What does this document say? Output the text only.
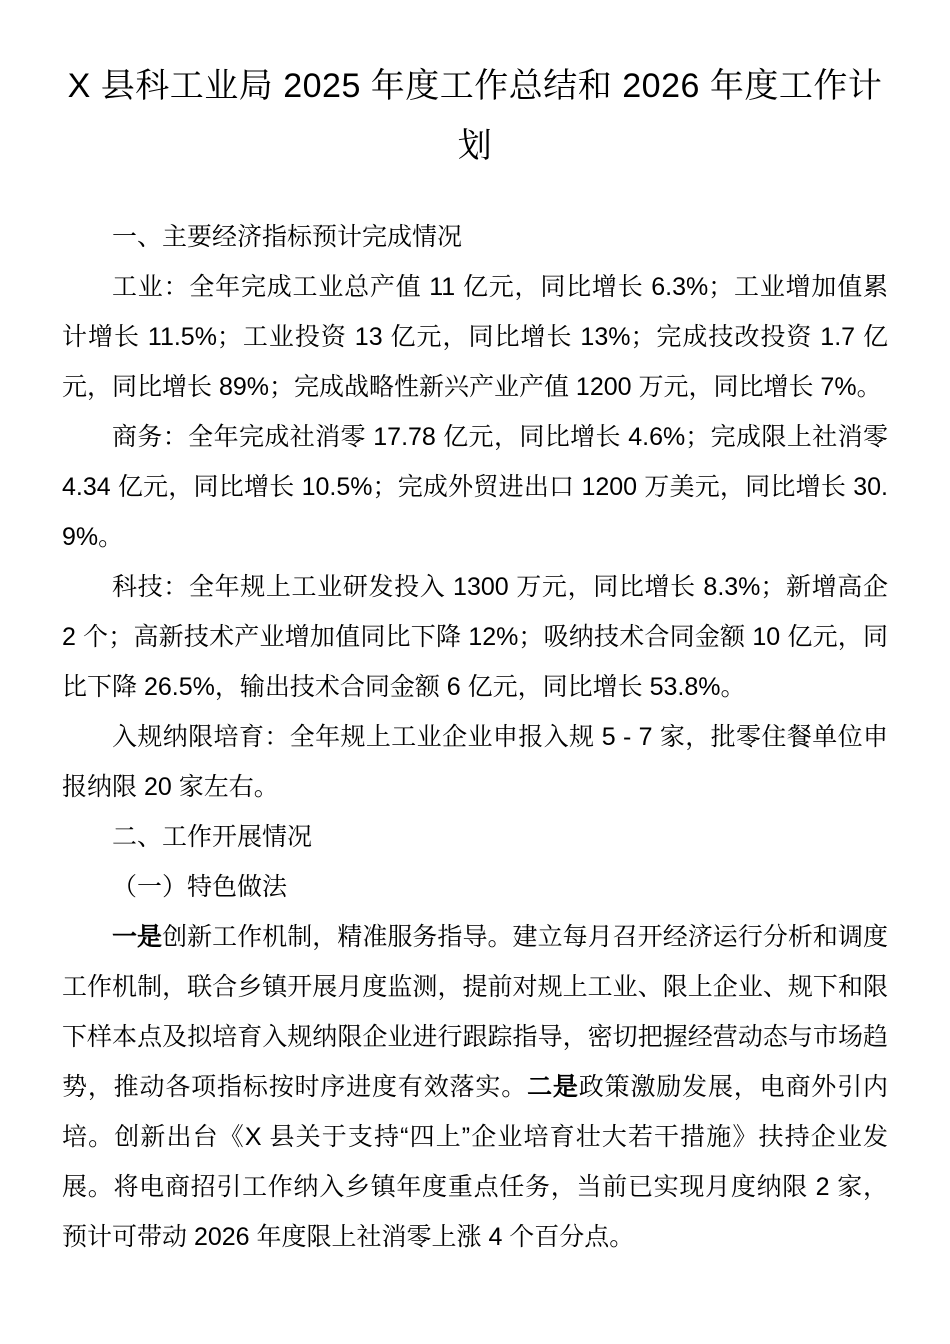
X 县科工业局 2025 年度工作总结和 2026 年度工作计划

一、主要经济指标预计完成情况

工业：全年完成工业总产值 11 亿元，同比增长 6.3%；工业增加值累计增长 11.5%；工业投资 13 亿元，同比增长 13%；完成技改投资 1.7 亿元，同比增长 89%；完成战略性新兴产业产值 1200 万元，同比增长 7%。

商务：全年完成社消零 17.78 亿元，同比增长 4.6%；完成限上社消零 4.34 亿元，同比增长 10.5%；完成外贸进出口 1200 万美元，同比增长 30.9%。

科技：全年规上工业研发投入 1300 万元，同比增长 8.3%；新增高企 2 个；高新技术产业增加值同比下降 12%；吸纳技术合同金额 10 亿元，同比下降 26.5%，输出技术合同金额 6 亿元，同比增长 53.8%。

入规纳限培育：全年规上工业企业申报入规 5 - 7 家，批零住餐单位申报纳限 20 家左右。

二、工作开展情况

（一）特色做法

一是创新工作机制，精准服务指导。建立每月召开经济运行分析和调度工作机制，联合乡镇开展月度监测，提前对规上工业、限上企业、规下和限下样本点及拟培育入规纳限企业进行跟踪指导，密切把握经营动态与市场趋势，推动各项指标按时序进度有效落实。二是政策激励发展，电商外引内培。创新出台《X 县关于支持“四上”企业培育壮大若干措施》扶持企业发展。将电商招引工作纳入乡镇年度重点任务，当前已实现月度纳限 2 家，预计可带动 2026 年度限上社消零上涨 4 个百分点。
